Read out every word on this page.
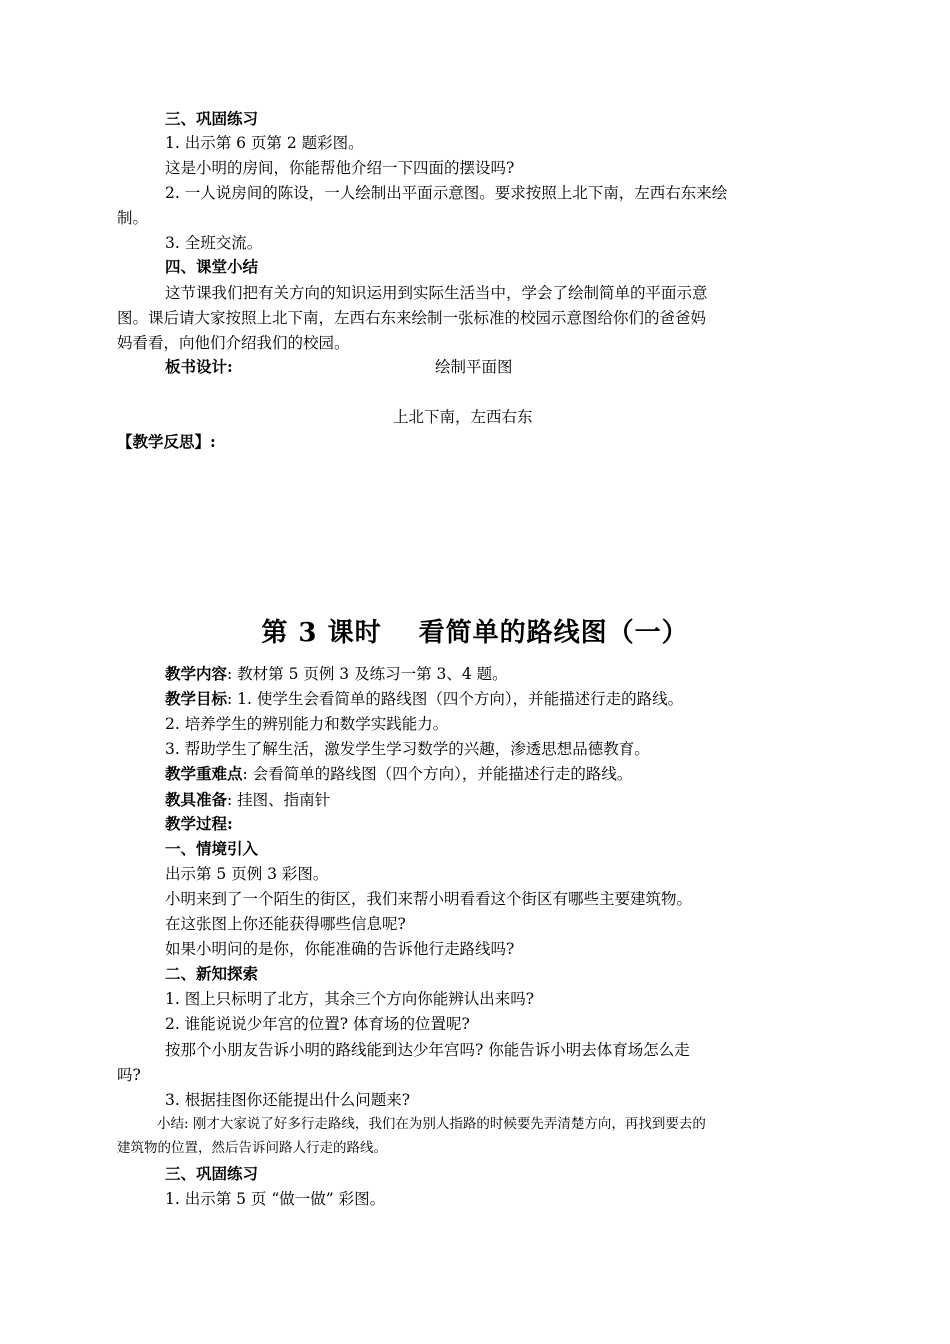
三、巩固练习
1. 出示第 6 页第 2 题彩图。
这是小明的房间，你能帮他介绍一下四面的摆设吗?
2. 一人说房间的陈设，一人绘制出平面示意图。要求按照上北下南，左西右东来绘
制。
3. 全班交流。
四、课堂小结
这节课我们把有关方向的知识运用到实际生活当中，学会了绘制简单的平面示意
图。课后请大家按照上北下南，左西右东来绘制一张标准的校园示意图给你们的爸爸妈
妈看看，向他们介绍我们的校园。
板书设计:	绘制平面图
上北下南，左西右东
【教学反思】:
第 3 课时　 看简单的路线图（一）
教学内容: 教材第 5 页例 3 及练习一第 3、4 题。
教学目标: 1. 使学生会看简单的路线图（四个方向），并能描述行走的路线。
2. 培养学生的辨别能力和数学实践能力。
3. 帮助学生了解生活，激发学生学习数学的兴趣，渗透思想品德教育。
教学重难点: 会看简单的路线图（四个方向），并能描述行走的路线。
教具准备: 挂图、指南针
教学过程:
一、情境引入
出示第 5 页例 3 彩图。
小明来到了一个陌生的街区，我们来帮小明看看这个街区有哪些主要建筑物。
在这张图上你还能获得哪些信息呢?
如果小明问的是你，你能准确的告诉他行走路线吗?
二、新知探索
1. 图上只标明了北方，其余三个方向你能辨认出来吗?
2. 谁能说说少年宫的位置? 体育场的位置呢?
按那个小朋友告诉小明的路线能到达少年宫吗? 你能告诉小明去体育场怎么走
吗?
3. 根据挂图你还能提出什么问题来?
小结: 刚才大家说了好多行走路线，我们在为别人指路的时候要先弄清楚方向，再找到要去的
建筑物的位置，然后告诉问路人行走的路线。
三、巩固练习
1. 出示第 5 页 “做一做” 彩图。
